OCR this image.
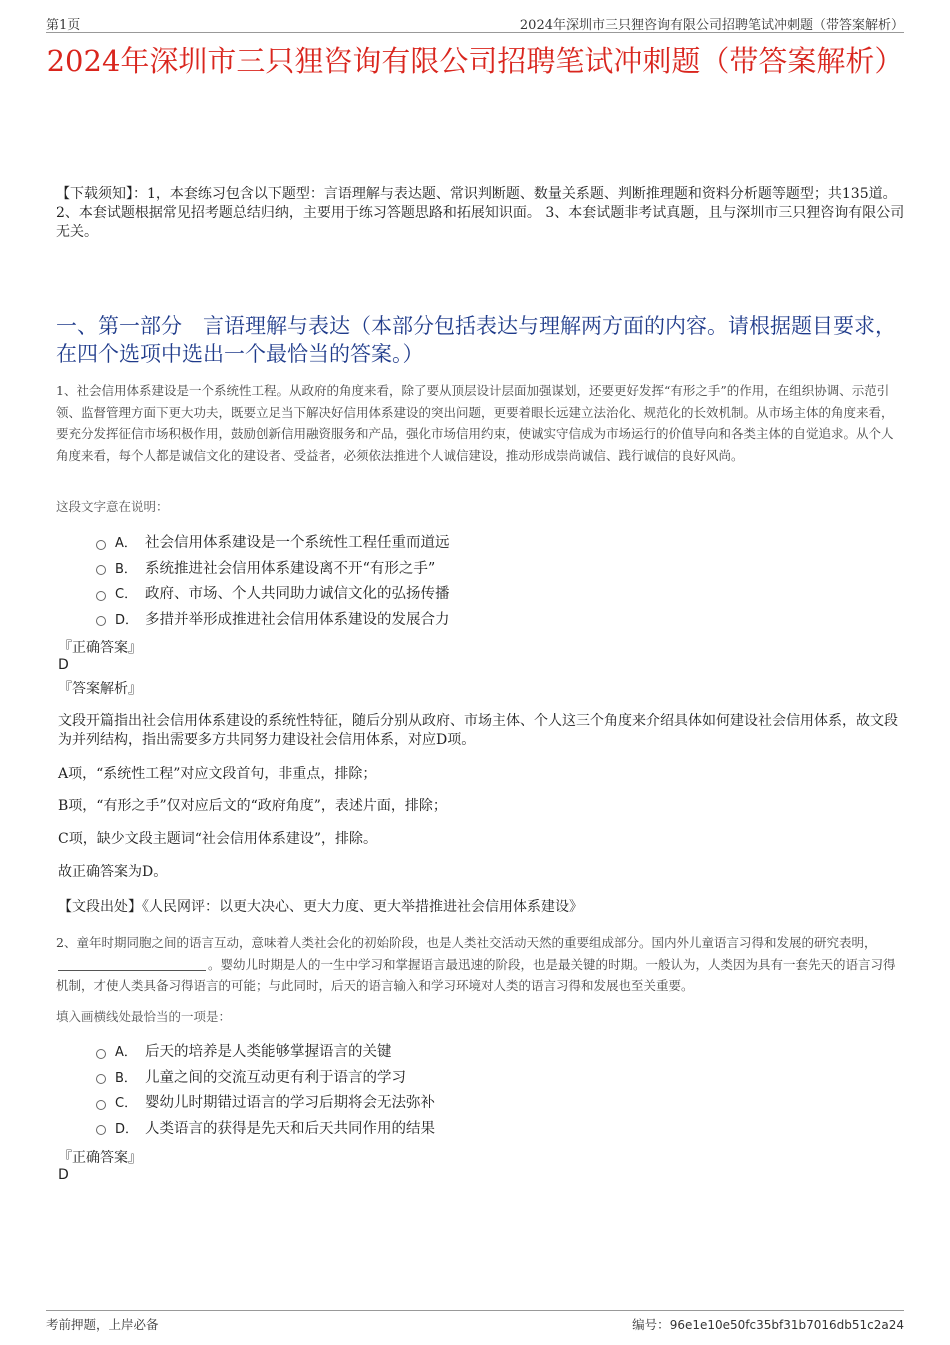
第1页	2024年深圳市三只狸咨询有限公司招聘笔试冲刺题（带答案解析）
2024年深圳市三只狸咨询有限公司招聘笔试冲刺题（带答案解析）
【下载须知】：1，本套练习包含以下题型：言语理解与表达题、常识判断题、数量关系题、判断推理题和资料分析题等题型；共135道。 2、本套试题根据常见招考题总结归纳，主要用于练习答题思路和拓展知识面。 3、本套试题非考试真题，且与深圳市三只狸咨询有限公司无关。
一、第一部分　言语理解与表达（本部分包括表达与理解两方面的内容。请根据题目要求，在四个选项中选出一个最恰当的答案。）
1、社会信用体系建设是一个系统性工程。从政府的角度来看，除了要从顶层设计层面加强谋划，还要更好发挥“有形之手”的作用，在组织协调、示范引领、监督管理方面下更大功夫，既要立足当下解决好信用体系建设的突出问题，更要着眼长远建立法治化、规范化的长效机制。从市场主体的角度来看，要充分发挥征信市场积极作用，鼓励创新信用融资服务和产品，强化市场信用约束，使诚实守信成为市场运行的价值导向和各类主体的自觉追求。从个人角度来看，每个人都是诚信文化的建设者、受益者，必须依法推进个人诚信建设，推动形成崇尚诚信、践行诚信的良好风尚。
这段文字意在说明：
A． 社会信用体系建设是一个系统性工程任重而道远
B． 系统推进社会信用体系建设离不开“有形之手”
C． 政府、市场、个人共同助力诚信文化的弘扬传播
D． 多措并举形成推进社会信用体系建设的发展合力
『正确答案』
D
『答案解析』
文段开篇指出社会信用体系建设的系统性特征，随后分别从政府、市场主体、个人这三个角度来介绍具体如何建设社会信用体系，故文段为并列结构，指出需要多方共同努力建设社会信用体系，对应D项。
A项，“系统性工程”对应文段首句，非重点，排除；
B项，“有形之手”仅对应后文的“政府角度”，表述片面，排除；
C项，缺少文段主题词“社会信用体系建设”，排除。
故正确答案为D。
【文段出处】《人民网评：以更大决心、更大力度、更大举措推进社会信用体系建设》
2、童年时期同胞之间的语言互动，意味着人类社会化的初始阶段，也是人类社交活动天然的重要组成部分。国内外儿童语言习得和发展的研究表明，。婴幼儿时期是人的一生中学习和掌握语言最迅速的阶段，也是最关键的时期。一般认为，人类因为具有一套先天的语言习得机制，才使人类具备习得语言的可能；与此同时，后天的语言输入和学习环境对人类的语言习得和发展也至关重要。
填入画横线处最恰当的一项是：
A． 后天的培养是人类能够掌握语言的关键
B． 儿童之间的交流互动更有利于语言的学习
C． 婴幼儿时期错过语言的学习后期将会无法弥补
D． 人类语言的获得是先天和后天共同作用的结果
『正确答案』
D
考前押题，上岸必备	编号：96e1e10e50fc35bf31b7016db51c2a24
